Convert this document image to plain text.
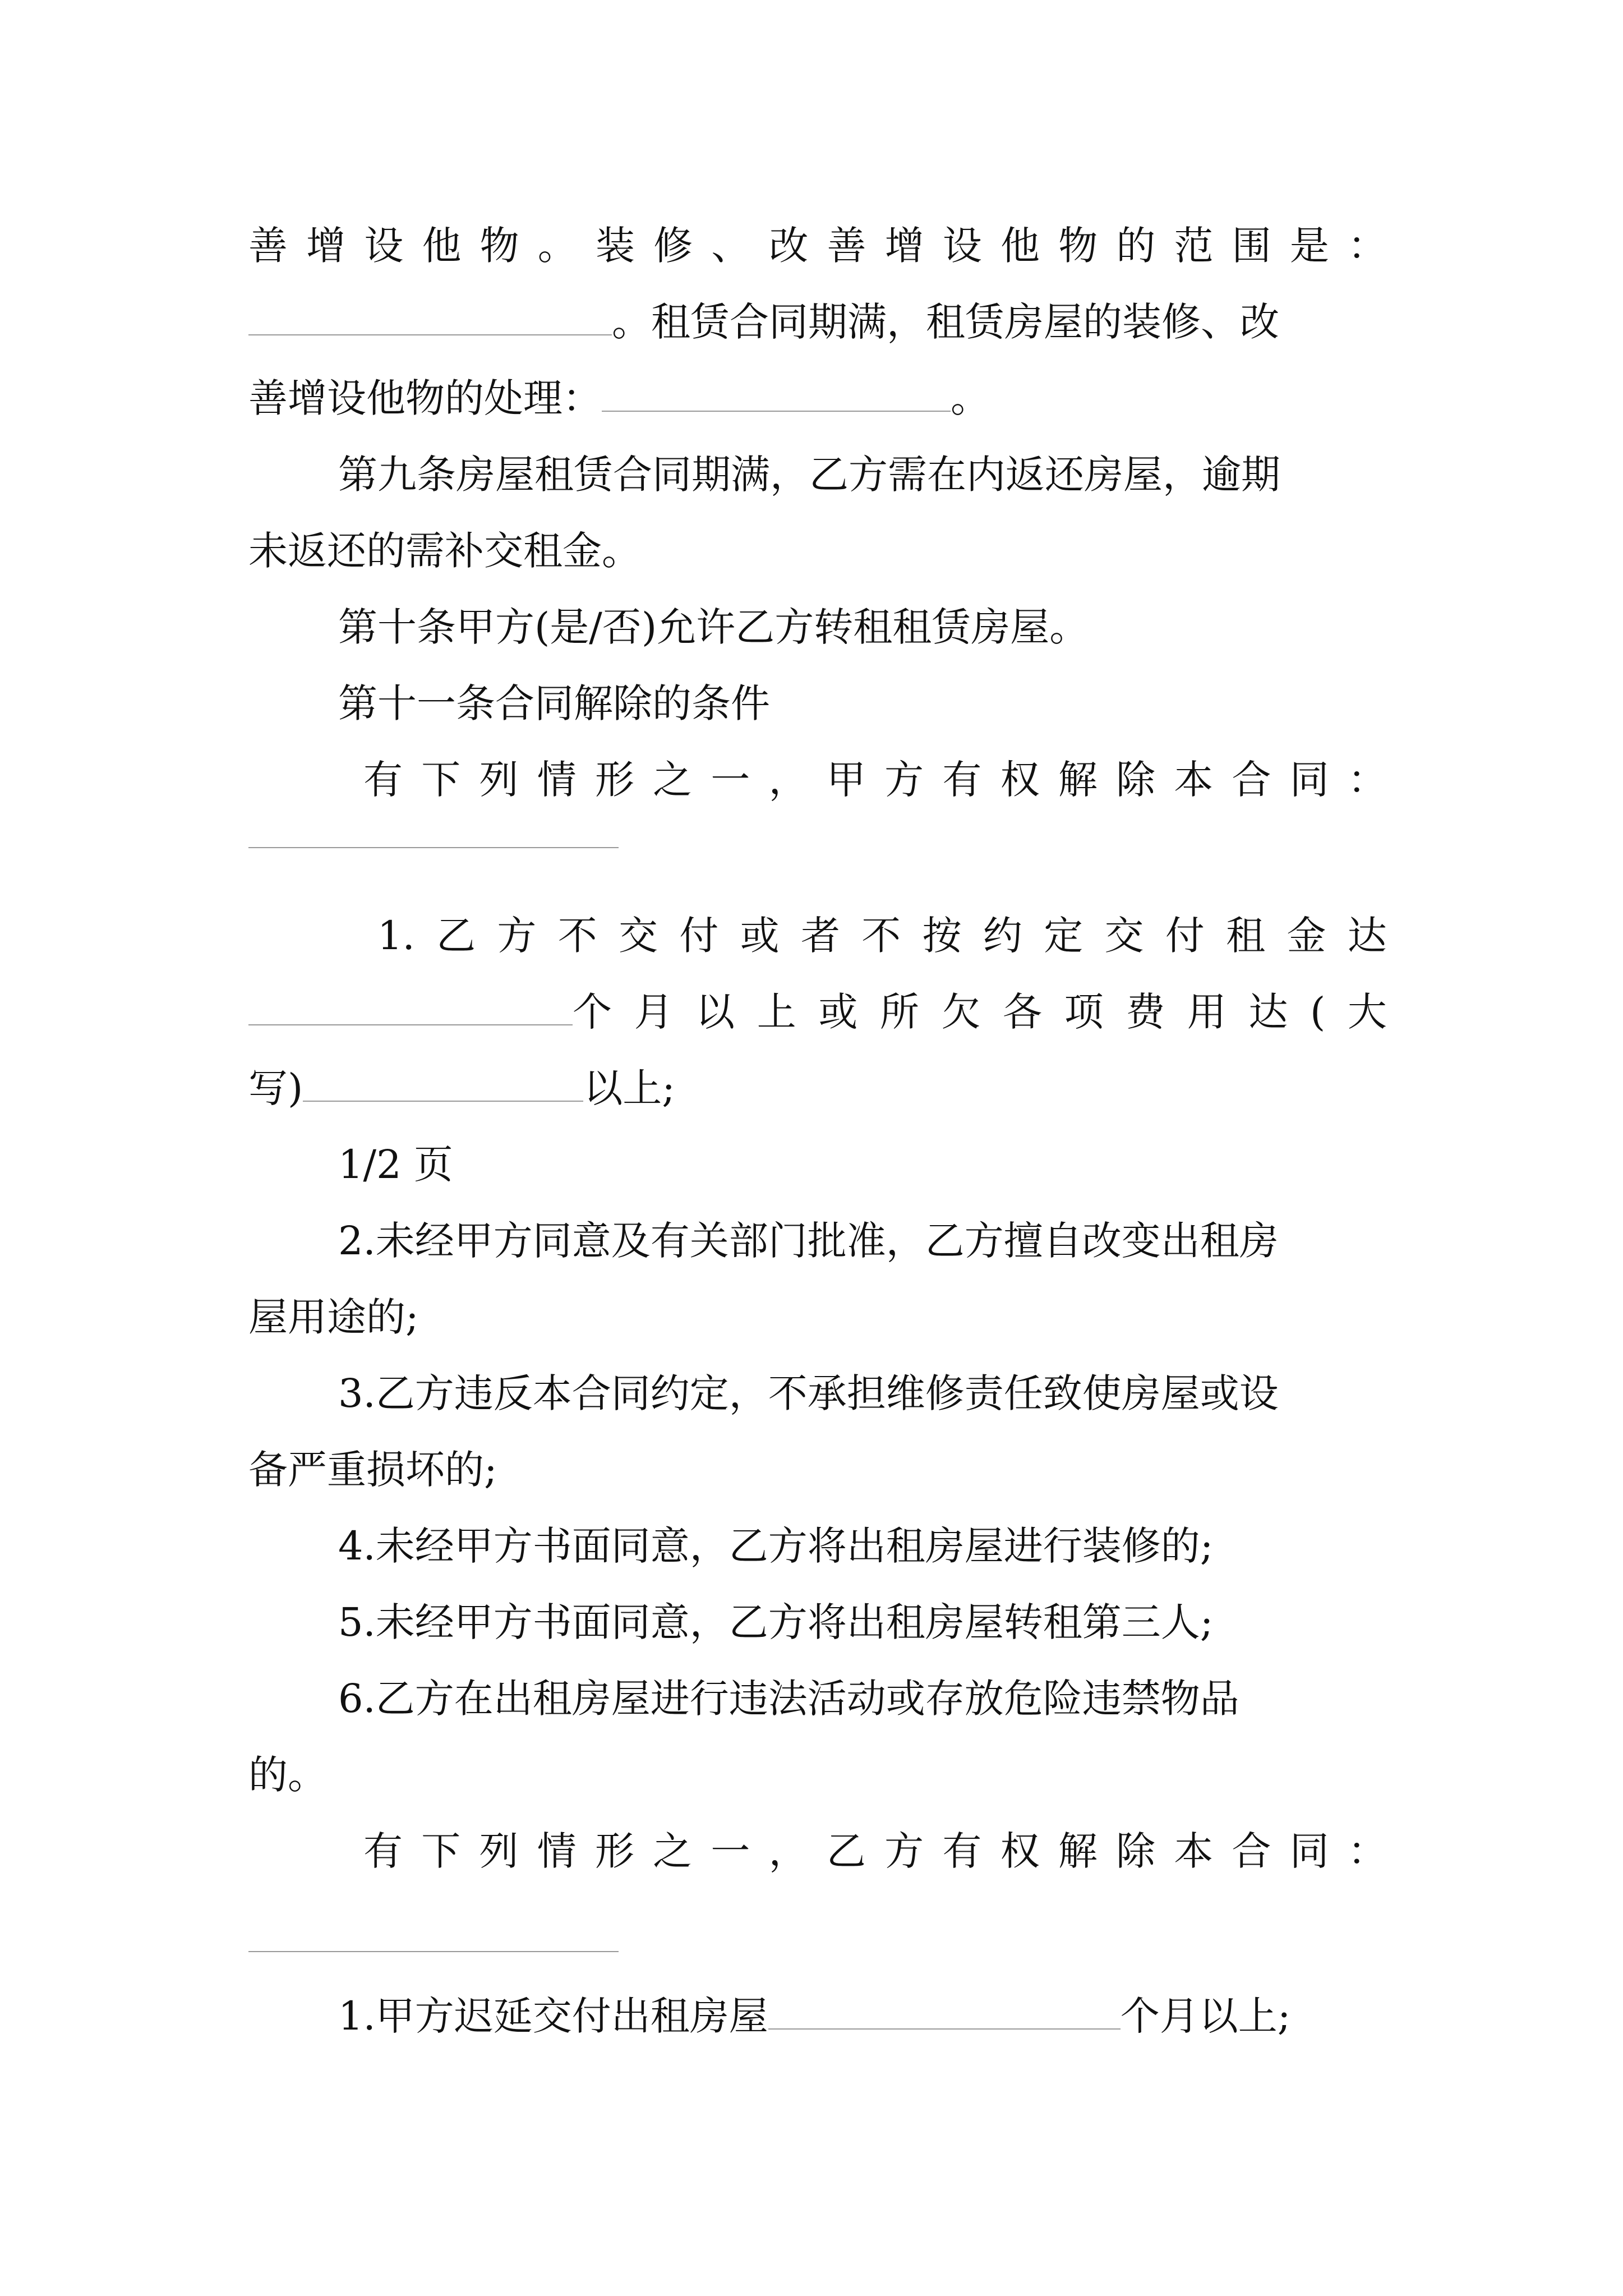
善 增 设 他 物 。 装 修 、 改 善 增 设 他 物 的 范 围 是 ：
。租赁合同期满，租赁房屋的装修、改
善增设他物的处理：	。
第九条房屋租赁合同期满，乙方需在内返还房屋，逾期
未返还的需补交租金。
第十条甲方(是/否)允许乙方转租租赁房屋。
第十一条合同解除的条件
有 下 列 情 形 之 一 ， 甲 方 有 权 解 除 本 合 同 ：
1. 乙 方 不 交 付 或 者 不 按 约 定 交 付 租 金 达
个 月 以 上 或 所 欠 各 项 费 用 达 ( 大
写)	以上;
1/2 页
2.未经甲方同意及有关部门批准，乙方擅自改变出租房
屋用途的;
3.乙方违反本合同约定，不承担维修责任致使房屋或设
备严重损坏的;
4.未经甲方书面同意，乙方将出租房屋进行装修的;
5.未经甲方书面同意，乙方将出租房屋转租第三人;
6.乙方在出租房屋进行违法活动或存放危险违禁物品
的。
有 下 列 情 形 之 一 ， 乙 方 有 权 解 除 本 合 同 ：
1.甲方迟延交付出租房屋	个月以上;
